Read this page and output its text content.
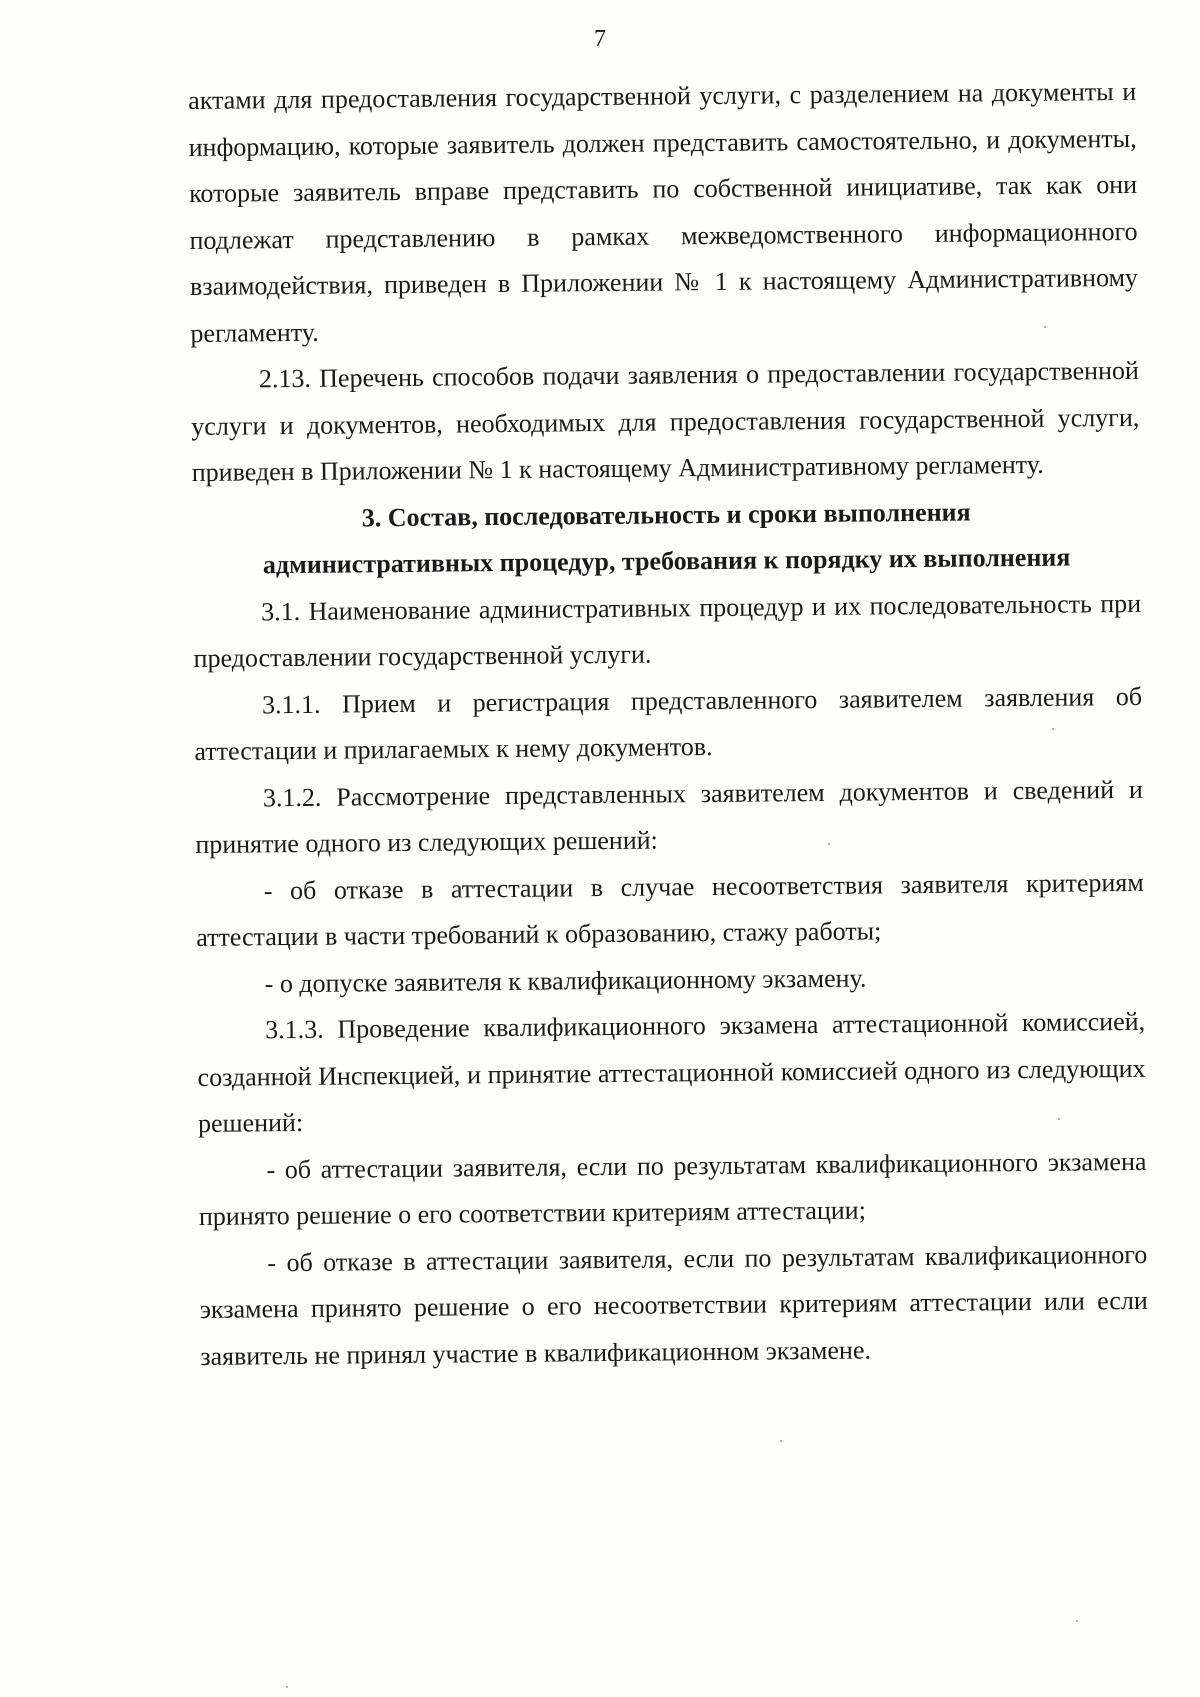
7

актами для предоставления государственной услуги, с разделением на документы и информацию, которые заявитель должен представить самостоятельно, и документы, которые заявитель вправе представить по собственной инициативе, так как они подлежат представлению в рамках межведомственного информационного взаимодействия, приведен в Приложении № 1 к настоящему Административному регламенту.

2.13. Перечень способов подачи заявления о предоставлении государственной услуги и документов, необходимых для предоставления государственной услуги, приведен в Приложении № 1 к настоящему Административному регламенту.

3. Состав, последовательность и сроки выполнения

административных процедур, требования к порядку их выполнения

3.1. Наименование административных процедур и их последовательность при предоставлении государственной услуги.

3.1.1. Прием и регистрация представленного заявителем заявления об аттестации и прилагаемых к нему документов.

3.1.2. Рассмотрение представленных заявителем документов и сведений и принятие одного из следующих решений:

- об отказе в аттестации в случае несоответствия заявителя критериям аттестации в части требований к образованию, стажу работы;

- о допуске заявителя к квалификационному экзамену.

3.1.3. Проведение квалификационного экзамена аттестационной комиссией, созданной Инспекцией, и принятие аттестационной комиссией одного из следующих решений:

- об аттестации заявителя, если по результатам квалификационного экзамена принято решение о его соответствии критериям аттестации;

- об отказе в аттестации заявителя, если по результатам квалификационного экзамена принято решение о его несоответствии критериям аттестации или если заявитель не принял участие в квалификационном экзамене.
